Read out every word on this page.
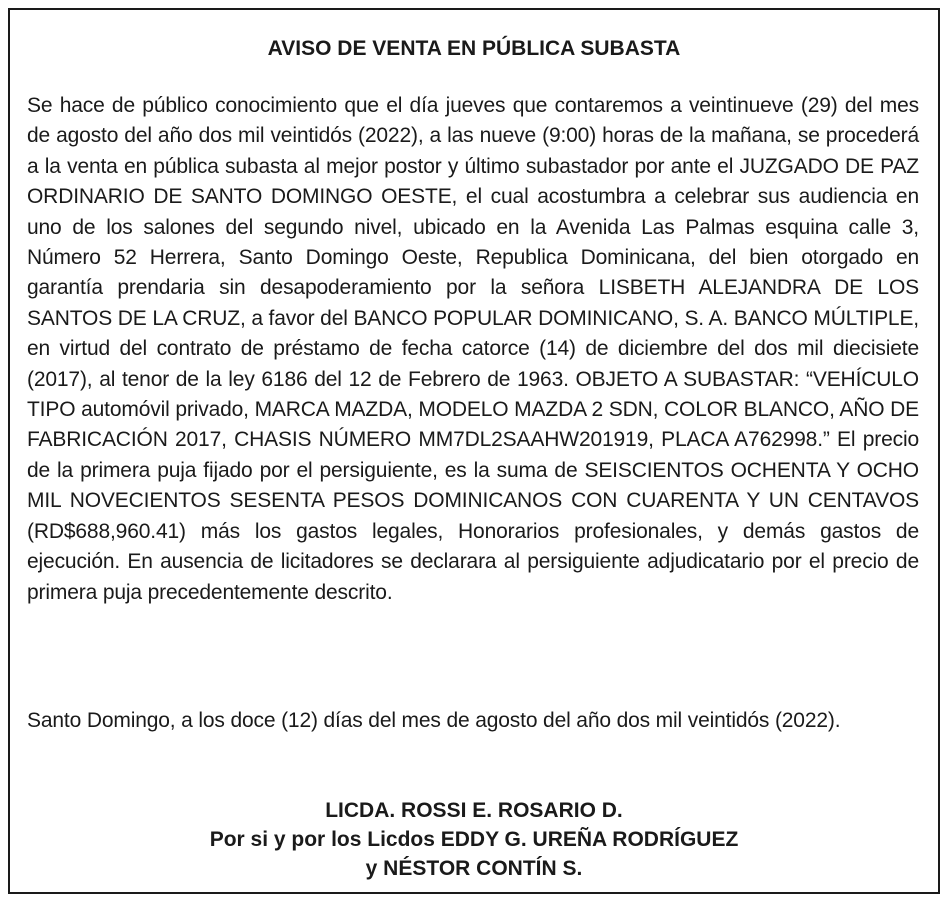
AVISO DE VENTA EN PÚBLICA SUBASTA

Se hace de público conocimiento que el día jueves que contaremos a veintinueve (29) del mes de agosto del año dos mil veintidós (2022), a las nueve (9:00) horas de la mañana, se procederá a la venta en pública subasta al mejor postor y último subastador por ante el JUZGADO DE PAZ ORDINARIO DE SANTO DOMINGO OESTE, el cual acostumbra a celebrar sus audiencia en uno de los salones del segundo nivel, ubicado en la Avenida Las Palmas esquina calle 3, Número 52 Herrera, Santo Domingo Oeste, Republica Dominicana, del bien otorgado en garantía prendaria sin desapoderamiento por la señora LISBETH ALEJANDRA DE LOS SANTOS DE LA CRUZ, a favor del BANCO POPULAR DOMINICANO, S. A. BANCO MÚLTIPLE, en virtud del contrato de préstamo de fecha catorce (14) de diciembre del dos mil diecisiete (2017), al tenor de la ley 6186 del 12 de Febrero de 1963. OBJETO A SUBASTAR: “VEHÍCULO TIPO automóvil privado, MARCA MAZDA, MODELO MAZDA 2 SDN, COLOR BLANCO, AÑO DE FABRICACIÓN 2017, CHASIS NÚMERO MM7DL2SAAHW201919, PLACA A762998.” El precio de la primera puja fijado por el persiguiente, es la suma de SEISCIENTOS OCHENTA Y OCHO MIL NOVECIENTOS SESENTA PESOS DOMINICANOS CON CUARENTA Y UN CENTAVOS (RD$688,960.41) más los gastos legales, Honorarios profesionales, y demás gastos de ejecución. En ausencia de licitadores se declarara al persiguiente adjudicatario por el precio de primera puja precedentemente descrito.

Santo Domingo, a los doce (12) días del mes de agosto del año dos mil veintidós (2022).

LICDA. ROSSI E. ROSARIO D.
Por si y por los Licdos EDDY G. UREÑA RODRÍGUEZ
y NÉSTOR CONTÍN S.
